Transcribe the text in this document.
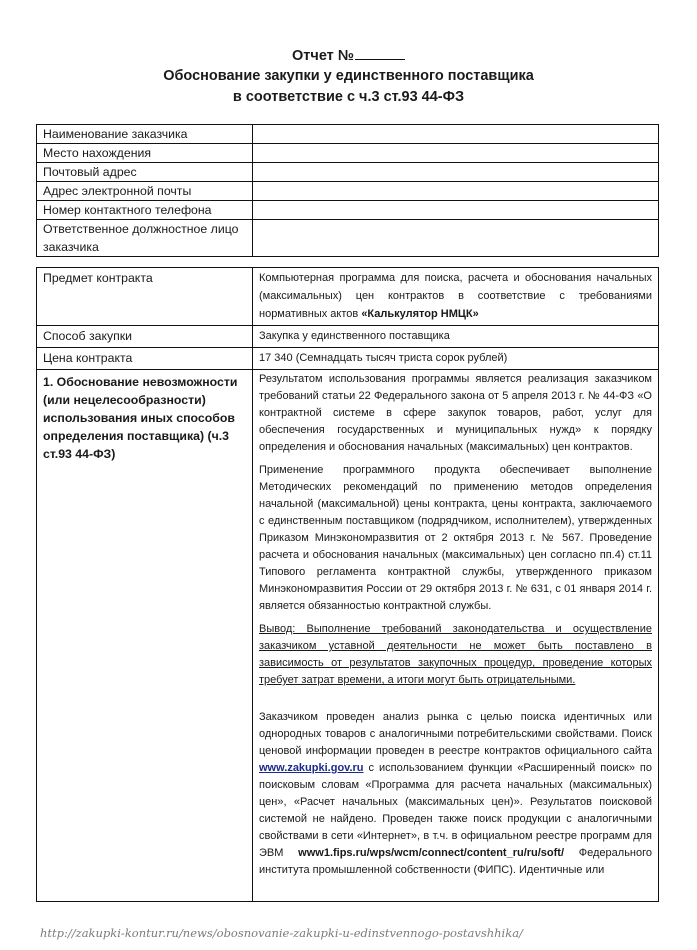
Отчет №
Обоснование закупки у единственного поставщика
в соответствие с ч.3 ст.93 44-ФЗ
Наименование заказчика	
Место нахождения	
Почтовый адрес	
Адрес электронной почты	
Номер контактного телефона	
Ответственное должностное лицо заказчика	
Предмет контракта	Компьютерная программа для поиска, расчета и обоснования начальных (максимальных) цен контрактов в соответствие с требованиями нормативных актов «Калькулятор НМЦК»
Способ закупки	Закупка у единственного поставщика
Цена контракта	17 340 (Семнадцать тысяч триста сорок рублей)
1. Обоснование невозможности (или нецелесообразности) использования иных способов определения поставщика) (ч.3 ст.93 44-ФЗ)	Результатом использования программы является реализация заказчиком требований статьи 22 Федерального закона от 5 апреля 2013 г. № 44-ФЗ «О контрактной системе в сфере закупок товаров, работ, услуг для обеспечения государственных и муниципальных нужд» к порядку определения и обоснования начальных (максимальных) цен контрактов.

Применение программного продукта обеспечивает выполнение Методических рекомендаций по применению методов определения начальной (максимальной) цены контракта, цены контракта, заключаемого с единственным поставщиком (подрядчиком, исполнителем), утвержденных Приказом Минэкономразвития от 2 октября 2013 г. № 567. Проведение расчета и обоснования начальных (максимальных) цен согласно пп.4) ст.11 Типового регламента контрактной службы, утвержденного приказом Минэкономразвития России от 29 октября 2013 г. № 631, с 01 января 2014 г. является обязанностью контрактной службы.

Вывод: Выполнение требований законодательства и осуществление заказчиком уставной деятельности не может быть поставлено в зависимость от результатов закупочных процедур, проведение которых требует затрат времени, а итоги могут быть отрицательными.

Заказчиком проведен анализ рынка с целью поиска идентичных или однородных товаров с аналогичными потребительскими свойствами. Поиск ценовой информации проведен в реестре контрактов официального сайта www.zakupki.gov.ru с использованием функции «Расширенный поиск» по поисковым словам «Программа для расчета начальных (максимальных) цен», «Расчет начальных (максимальных цен)». Результатов поисковой системой не найдено. Проведен также поиск продукции с аналогичными свойствами в сети «Интернет», в т.ч. в официальном реестре программ для ЭВМ www1.fips.ru/wps/wcm/connect/content_ru/ru/soft/ Федерального института промышленной собственности (ФИПС). Идентичные или

http://zakupki-kontur.ru/news/obosnovanie-zakupki-u-edinstvennogo-postavshhika/
